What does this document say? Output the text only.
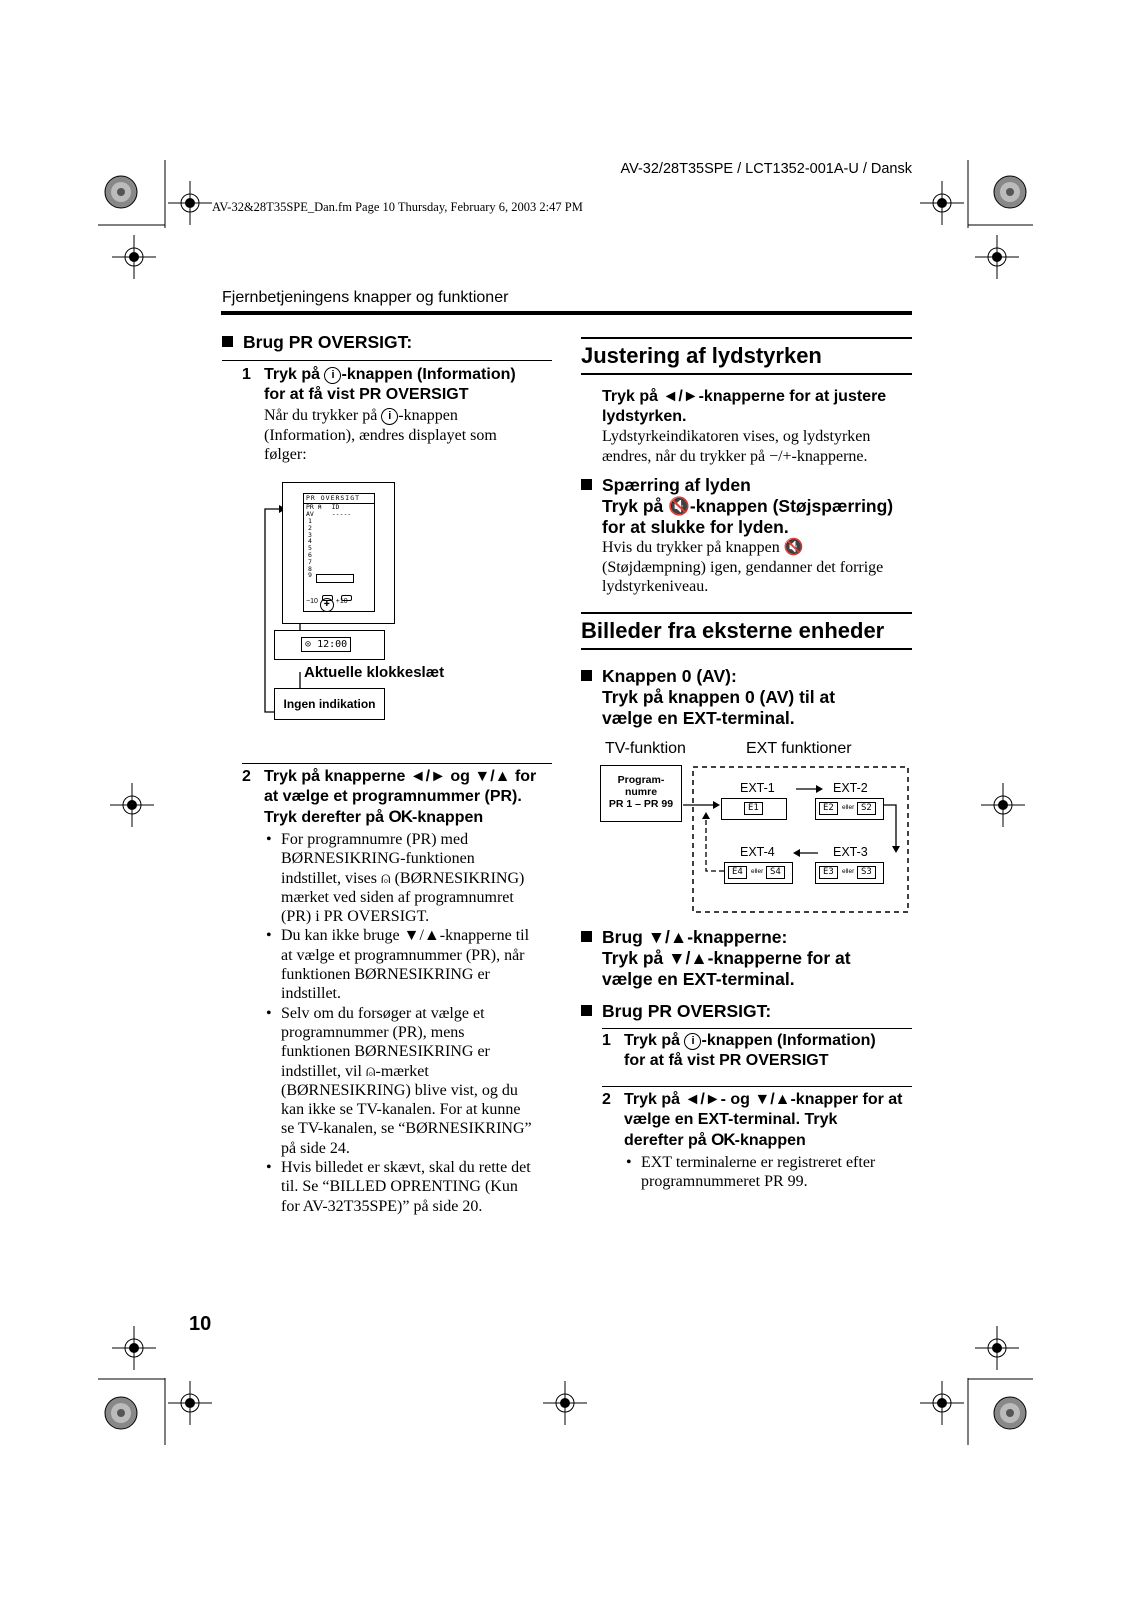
AV-32/28T35SPE / LCT1352-001A-U / Dansk
AV-32&28T35SPE_Dan.fm Page 10 Thursday, February 6, 2003 2:47 PM
Fjernbetjeningens knapper og funktioner
Brug PR OVERSIGT:
1 Tryk på i -knappen (Information)
for at få vist PR OVERSIGT
Når du trykker på i -knappen
(Information), ændres displayet som følger:
PR OVERSIGT
PR ⍝ ID
AV	-----
1
2
3
4
5
6
7
8
9

−10 ✚ +10
⊙ 12:00
Aktuelle klokkeslæt
Ingen indikation
2 Tryk på knapperne ◄/► og ▼/▲ for
at vælge et programnummer (PR).
Tryk derefter på OK-knappen
• For programnumre (PR) med BØRNESIKRING-funktionen indstillet, vises ⍝ (BØRNESIKRING) mærket ved siden af programnumret (PR) i PR OVERSIGT.
• Du kan ikke bruge ▼/▲-knapperne til at vælge et programnummer (PR), når funktionen BØRNESIKRING er indstillet.
• Selv om du forsøger at vælge et programnummer (PR), mens funktionen BØRNESIKRING er indstillet, vil ⍝-mærket (BØRNESIKRING) blive vist, og du kan ikke se TV-kanalen. For at kunne se TV-kanalen, se “BØRNESIKRING” på side 24.
• Hvis billedet er skævt, skal du rette det til. Se “BILLED OPRENTING (Kun for AV-32T35SPE)” på side 20.
Justering af lydstyrken
Tryk på ◄/►-knapperne for at justere
lydstyrken.
Lydstyrkeindikatoren vises, og lydstyrken
ændres, når du trykker på −/+-knapperne.
Spærring af lyden
Tryk på 🔇-knappen (Støjspærring)
for at slukke for lyden.
Hvis du trykker på knappen 🔇
(Støjdæmpning) igen, gendanner det forrige
lydstyrkeniveau.
Billeder fra eksterne enheder
Knappen 0 (AV):
Tryk på knappen 0 (AV) til at
vælge en EXT-terminal.
TV-funktion	EXT funktioner
Program-
numre
PR 1 – PR 99
EXT-1	EXT-2
EXT-4	EXT-3
E1	E2	eller S2
E4	eller S4	E3	eller S3
Brug ▼/▲-knapperne:
Tryk på ▼/▲-knapperne for at
vælge en EXT-terminal.
Brug PR OVERSIGT:
1 Tryk på i -knappen (Information)
for at få vist PR OVERSIGT
2 Tryk på ◄/►- og ▼/▲-knapper for at
vælge en EXT-terminal. Tryk
derefter på OK-knappen
• EXT terminalerne er registreret efter programnummeret PR 99.
10
